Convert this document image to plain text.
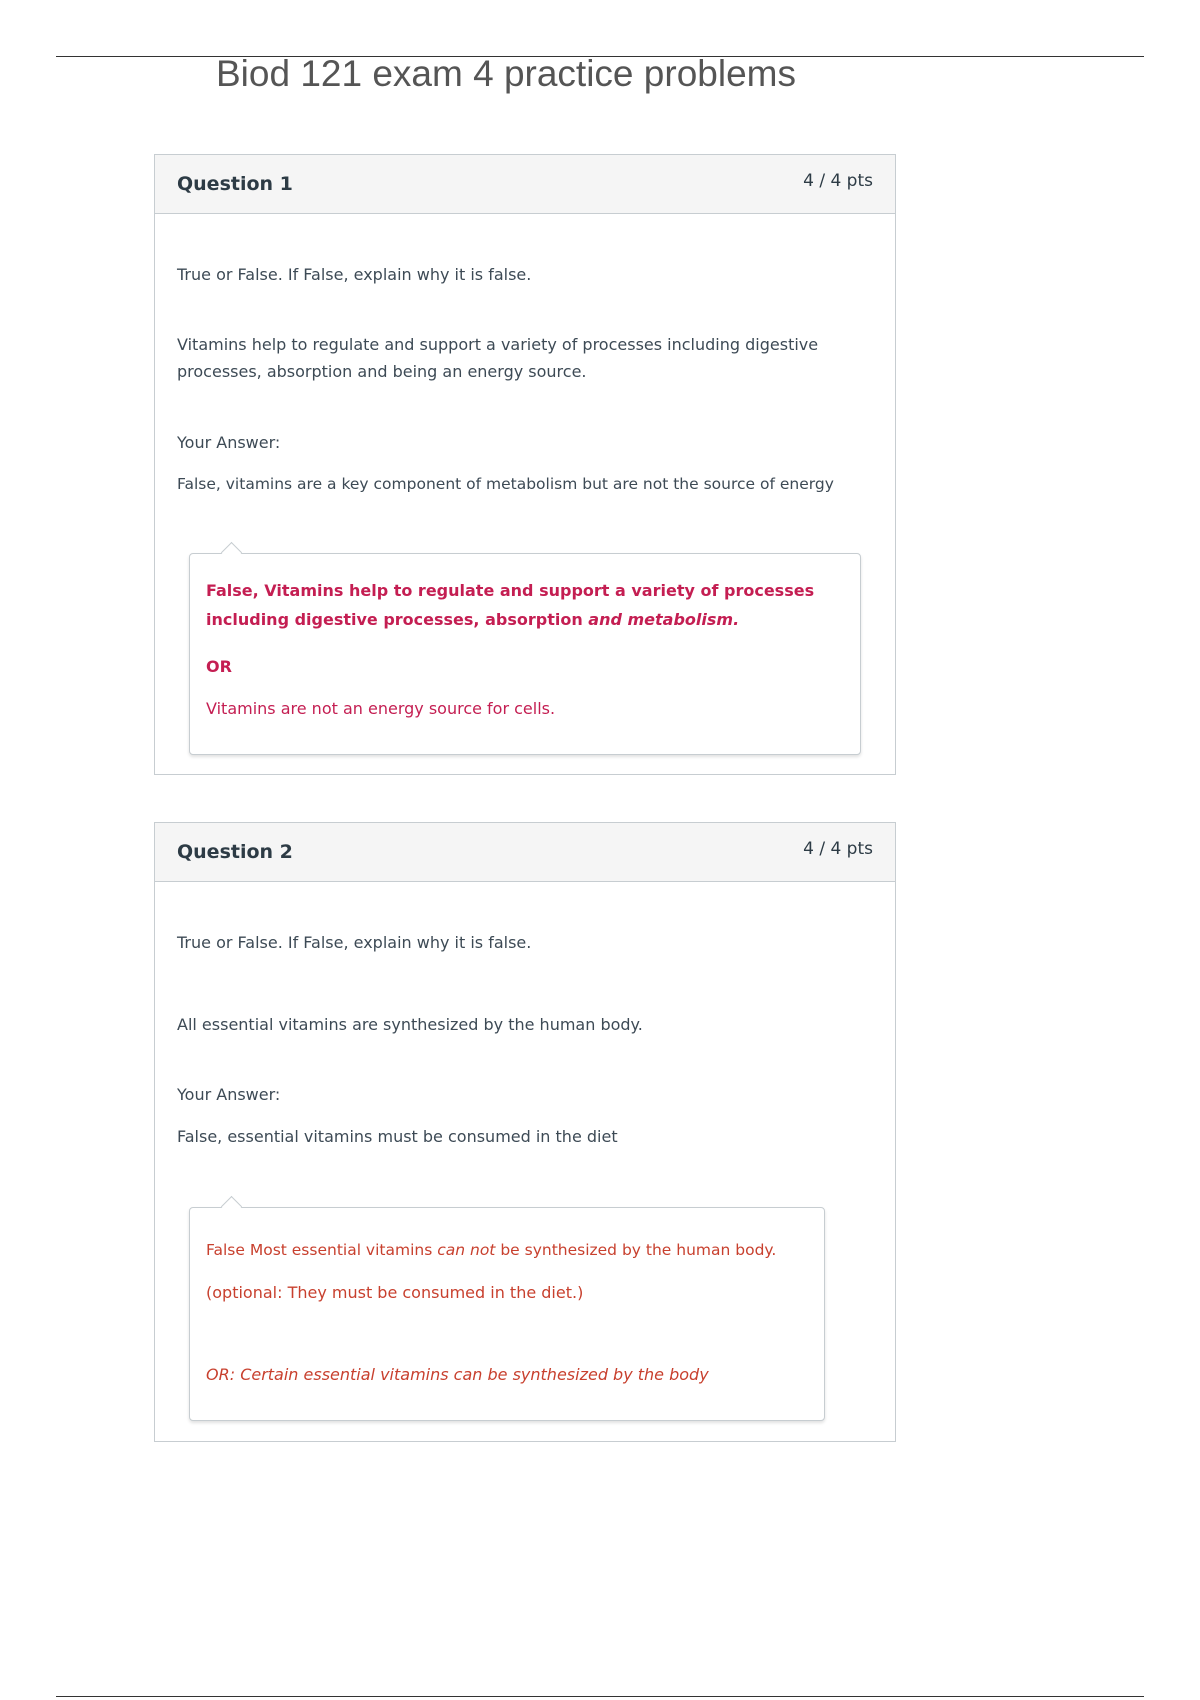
Biod 121 exam 4 practice problems
Question 1	4 / 4 pts

True or False. If False, explain why it is false.

Vitamins help to regulate and support a variety of processes including digestive processes, absorption and being an energy source.

Your Answer:

False, vitamins are a key component of metabolism but are not the source of energy

False, Vitamins help to regulate and support a variety of processes including digestive processes, absorption and metabolism.

OR

Vitamins are not an energy source for cells.

Question 2	4 / 4 pts

True or False. If False, explain why it is false.

All essential vitamins are synthesized by the human body.

Your Answer:

False, essential vitamins must be consumed in the diet

False Most essential vitamins can not be synthesized by the human body.

(optional: They must be consumed in the diet.)

OR: Certain essential vitamins can be synthesized by the body
